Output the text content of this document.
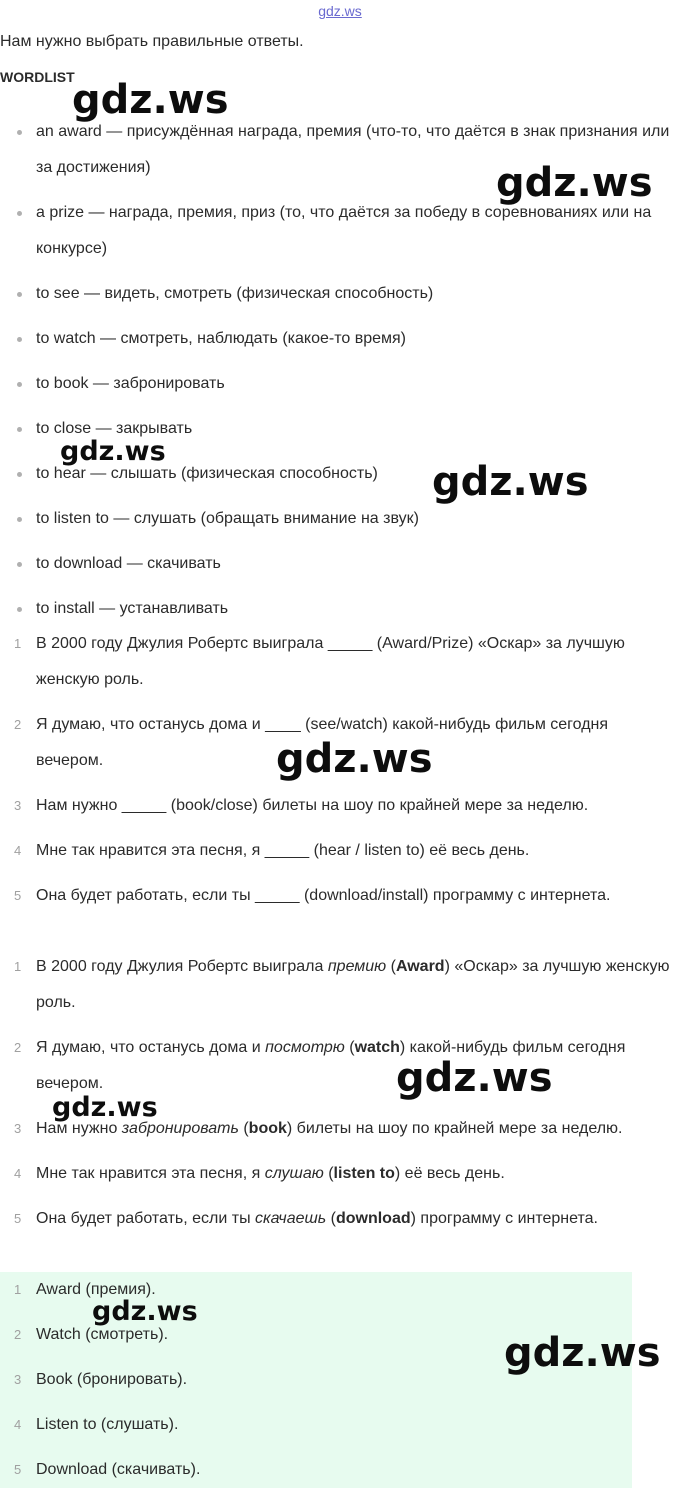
gdz.ws
Нам нужно выбрать правильные ответы.
WORDLIST
an award — присуждённая награда, премия (что-то, что даётся в знак признания или за достижения)
a prize — награда, премия, приз (то, что даётся за победу в соревнованиях или на конкурсе)
to see — видеть, смотреть (физическая способность)
to watch — смотреть, наблюдать (какое-то время)
to book — забронировать
to close — закрывать
to hear — слышать (физическая способность)
to listen to — слушать (обращать внимание на звук)
to download — скачивать
to install — устанавливать
1 В 2000 году Джулия Робертс выиграла _____ (Award/Prize) «Оскар» за лучшую женскую роль.
2 Я думаю, что останусь дома и ____ (see/watch) какой-нибудь фильм сегодня вечером.
3 Нам нужно _____ (book/close) билеты на шоу по крайней мере за неделю.
4 Мне так нравится эта песня, я _____ (hear / listen to) её весь день.
5 Она будет работать, если ты _____ (download/install) программу с интернета.
1 В 2000 году Джулия Робертс выиграла премию (Award) «Оскар» за лучшую женскую роль.
2 Я думаю, что останусь дома и посмотрю (watch) какой-нибудь фильм сегодня вечером.
3 Нам нужно забронировать (book) билеты на шоу по крайней мере за неделю.
4 Мне так нравится эта песня, я слушаю (listen to) её весь день.
5 Она будет работать, если ты скачаешь (download) программу с интернета.
1 Award (премия).
2 Watch (смотреть).
3 Book (бронировать).
4 Listen to (слушать).
5 Download (скачивать).
gdz.ws
gdz.ws
gdz.ws
gdz.ws
gdz.ws
gdz.ws
gdz.ws
gdz.ws
gdz.ws
